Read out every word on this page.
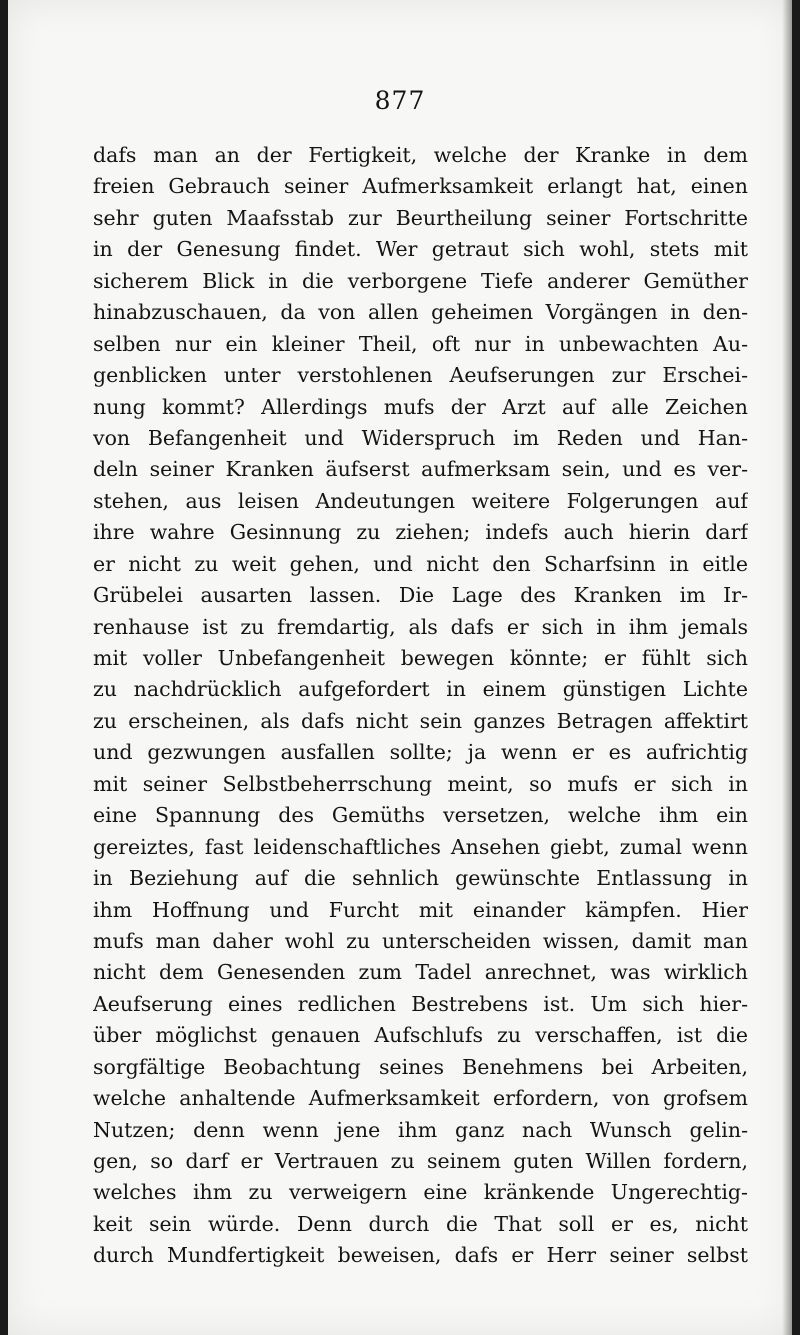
877
dafs man an der Fertigkeit, welche der Kranke in dem
freien Gebrauch seiner Aufmerksamkeit erlangt hat, einen
sehr guten Maafsstab zur Beurtheilung seiner Fortschritte
in der Genesung findet. Wer getraut sich wohl, stets mit
sicherem Blick in die verborgene Tiefe anderer Gemüther
hinabzuschauen, da von allen geheimen Vorgängen in den-
selben nur ein kleiner Theil, oft nur in unbewachten Au-
genblicken unter verstohlenen Aeufserungen zur Erschei-
nung kommt? Allerdings mufs der Arzt auf alle Zeichen
von Befangenheit und Widerspruch im Reden und Han-
deln seiner Kranken äufserst aufmerksam sein, und es ver-
stehen, aus leisen Andeutungen weitere Folgerungen auf
ihre wahre Gesinnung zu ziehen; indefs auch hierin darf
er nicht zu weit gehen, und nicht den Scharfsinn in eitle
Grübelei ausarten lassen. Die Lage des Kranken im Ir-
renhause ist zu fremdartig, als dafs er sich in ihm jemals
mit voller Unbefangenheit bewegen könnte; er fühlt sich
zu nachdrücklich aufgefordert in einem günstigen Lichte
zu erscheinen, als dafs nicht sein ganzes Betragen affektirt
und gezwungen ausfallen sollte; ja wenn er es aufrichtig
mit seiner Selbstbeherrschung meint, so mufs er sich in
eine Spannung des Gemüths versetzen, welche ihm ein
gereiztes, fast leidenschaftliches Ansehen giebt, zumal wenn
in Beziehung auf die sehnlich gewünschte Entlassung in
ihm Hoffnung und Furcht mit einander kämpfen. Hier
mufs man daher wohl zu unterscheiden wissen, damit man
nicht dem Genesenden zum Tadel anrechnet, was wirklich
Aeufserung eines redlichen Bestrebens ist. Um sich hier-
über möglichst genauen Aufschlufs zu verschaffen, ist die
sorgfältige Beobachtung seines Benehmens bei Arbeiten,
welche anhaltende Aufmerksamkeit erfordern, von grofsem
Nutzen; denn wenn jene ihm ganz nach Wunsch gelin-
gen, so darf er Vertrauen zu seinem guten Willen fordern,
welches ihm zu verweigern eine kränkende Ungerechtig-
keit sein würde. Denn durch die That soll er es, nicht
durch Mundfertigkeit beweisen, dafs er Herr seiner selbst
